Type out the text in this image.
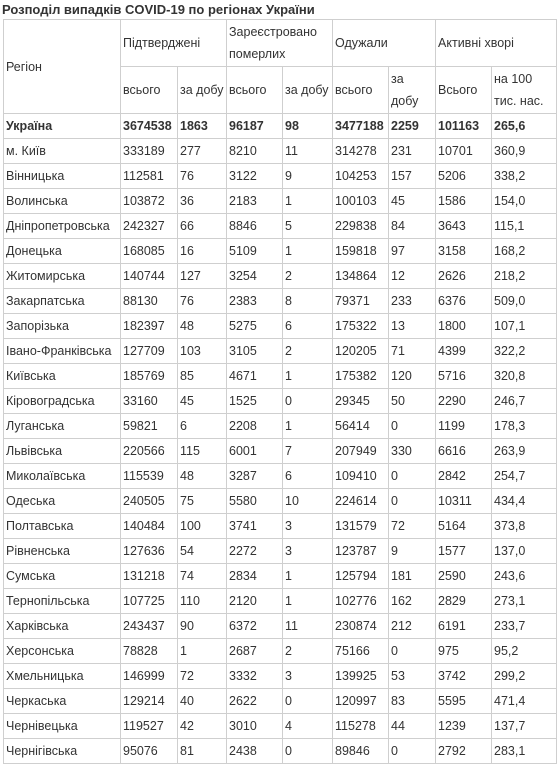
Розподіл випадків COVID-19 по регіонах України
Регіон	Підтверджені		Зареєстровано померлих		Одужали		Активні хворі	
	всього	за добу	всього	за добу	всього	за добу	Всього	на 100 тис. нас.
Україна	3674538	1863	96187	98	3477188	2259	101163	265,6
м. Київ	333189	277	8210	11	314278	231	10701	360,9
Вінницька	112581	76	3122	9	104253	157	5206	338,2
Волинська	103872	36	2183	1	100103	45	1586	154,0
Дніпропетровська	242327	66	8846	5	229838	84	3643	115,1
Донецька	168085	16	5109	1	159818	97	3158	168,2
Житомирська	140744	127	3254	2	134864	12	2626	218,2
Закарпатська	88130	76	2383	8	79371	233	6376	509,0
Запорізька	182397	48	5275	6	175322	13	1800	107,1
Івано-Франківська	127709	103	3105	2	120205	71	4399	322,2
Київська	185769	85	4671	1	175382	120	5716	320,8
Кіровоградська	33160	45	1525	0	29345	50	2290	246,7
Луганська	59821	6	2208	1	56414	0	1199	178,3
Львівська	220566	115	6001	7	207949	330	6616	263,9
Миколаївська	115539	48	3287	6	109410	0	2842	254,7
Одеська	240505	75	5580	10	224614	0	10311	434,4
Полтавська	140484	100	3741	3	131579	72	5164	373,8
Рівненська	127636	54	2272	3	123787	9	1577	137,0
Сумська	131218	74	2834	1	125794	181	2590	243,6
Тернопільська	107725	110	2120	1	102776	162	2829	273,1
Харківська	243437	90	6372	11	230874	212	6191	233,7
Херсонська	78828	1	2687	2	75166	0	975	95,2
Хмельницька	146999	72	3332	3	139925	53	3742	299,2
Черкаська	129214	40	2622	0	120997	83	5595	471,4
Чернівецька	119527	42	3010	4	115278	44	1239	137,7
Чернігівська	95076	81	2438	0	89846	0	2792	283,1
